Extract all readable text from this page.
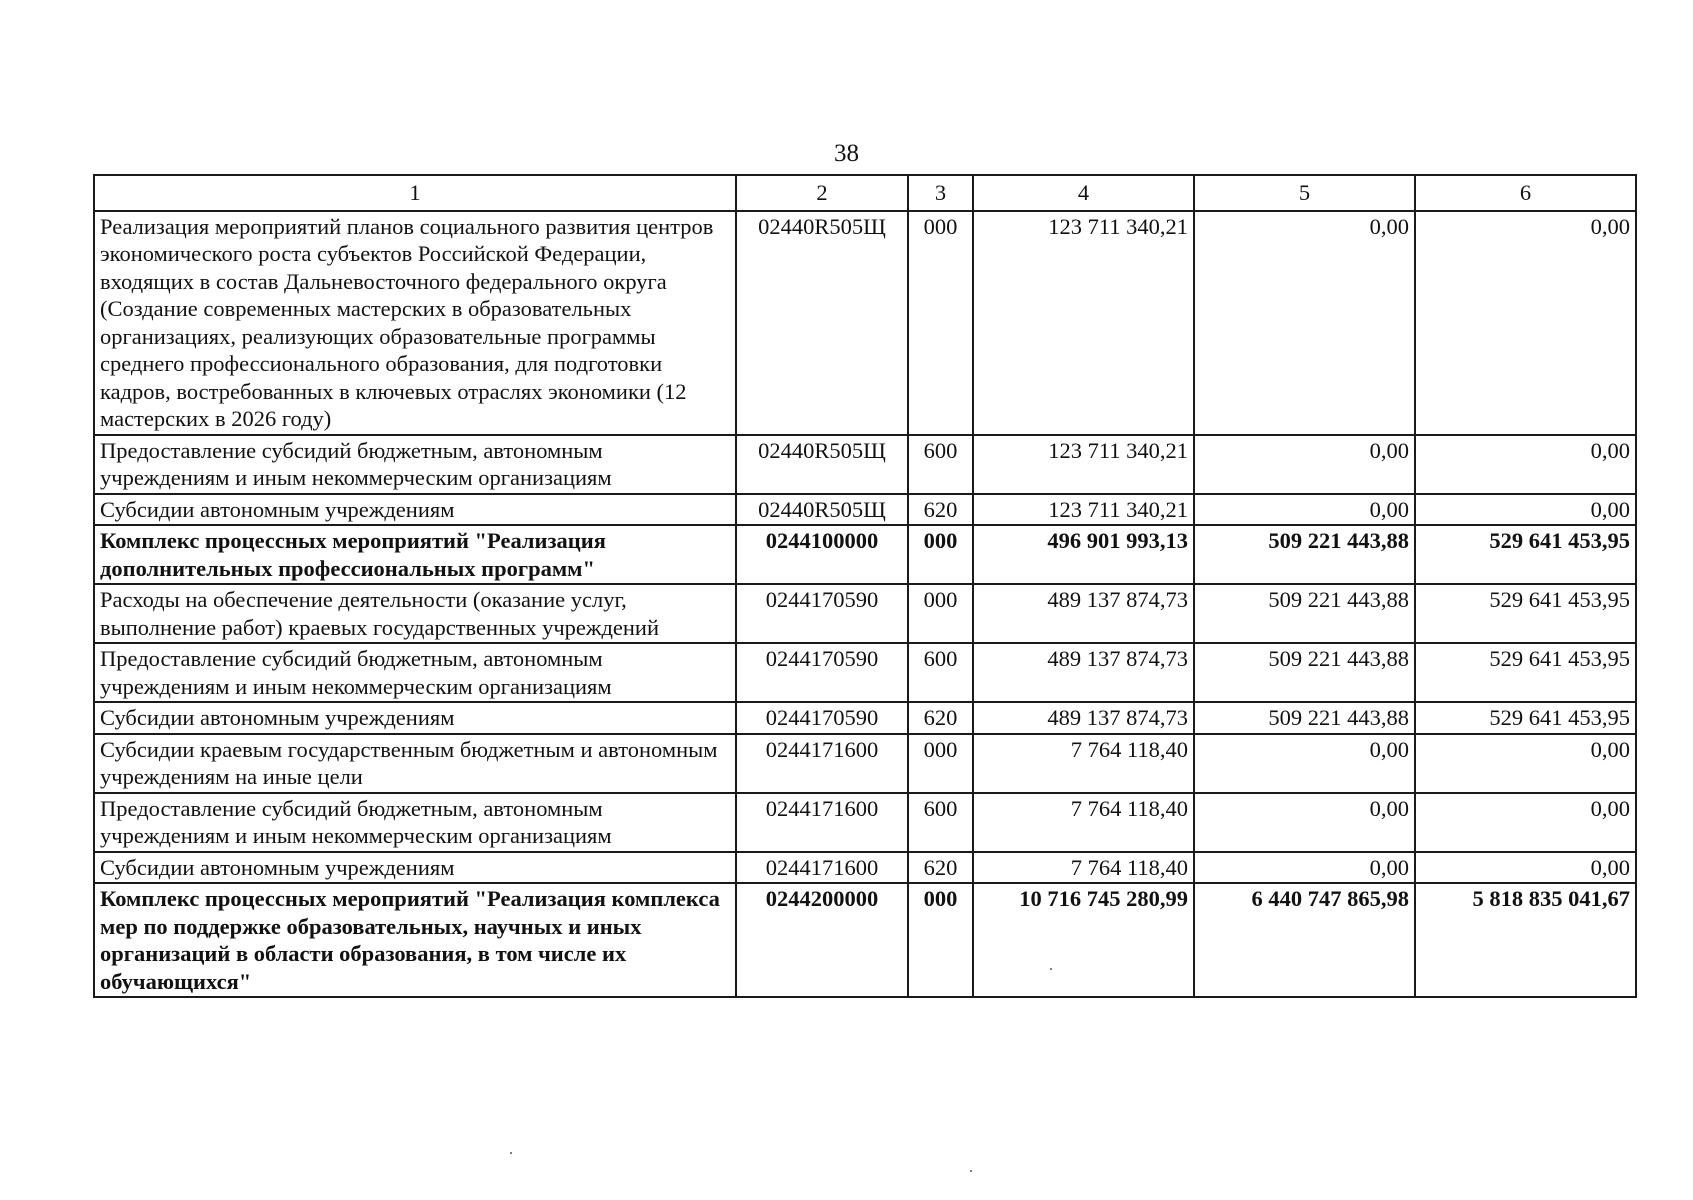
38
1	2	3	4	5	6
Реализация мероприятий планов социального развития центров экономического роста субъектов Российской Федерации, входящих в состав Дальневосточного федерального округа (Создание современных мастерских в образовательных организациях, реализующих образовательные программы среднего профессионального образования, для подготовки кадров, востребованных в ключевых отраслях экономики (12 мастерских в 2026 году)	02440R505Щ	000	123 711 340,21	0,00	0,00
Предоставление субсидий бюджетным, автономным учреждениям и иным некоммерческим организациям	02440R505Щ	600	123 711 340,21	0,00	0,00
Субсидии автономным учреждениям	02440R505Щ	620	123 711 340,21	0,00	0,00
Комплекс процессных мероприятий "Реализация дополнительных профессиональных программ"	0244100000	000	496 901 993,13	509 221 443,88	529 641 453,95
Расходы на обеспечение деятельности (оказание услуг, выполнение работ) краевых государственных учреждений	0244170590	000	489 137 874,73	509 221 443,88	529 641 453,95
Предоставление субсидий бюджетным, автономным учреждениям и иным некоммерческим организациям	0244170590	600	489 137 874,73	509 221 443,88	529 641 453,95
Субсидии автономным учреждениям	0244170590	620	489 137 874,73	509 221 443,88	529 641 453,95
Субсидии краевым государственным бюджетным и автономным учреждениям на иные цели	0244171600	000	7 764 118,40	0,00	0,00
Предоставление субсидий бюджетным, автономным учреждениям и иным некоммерческим организациям	0244171600	600	7 764 118,40	0,00	0,00
Субсидии автономным учреждениям	0244171600	620	7 764 118,40	0,00	0,00
Комплекс процессных мероприятий "Реализация комплекса мер по поддержке образовательных, научных и иных организаций в области образования, в том числе их обучающихся"	0244200000	000	10 716 745 280,99	6 440 747 865,98	5 818 835 041,67
